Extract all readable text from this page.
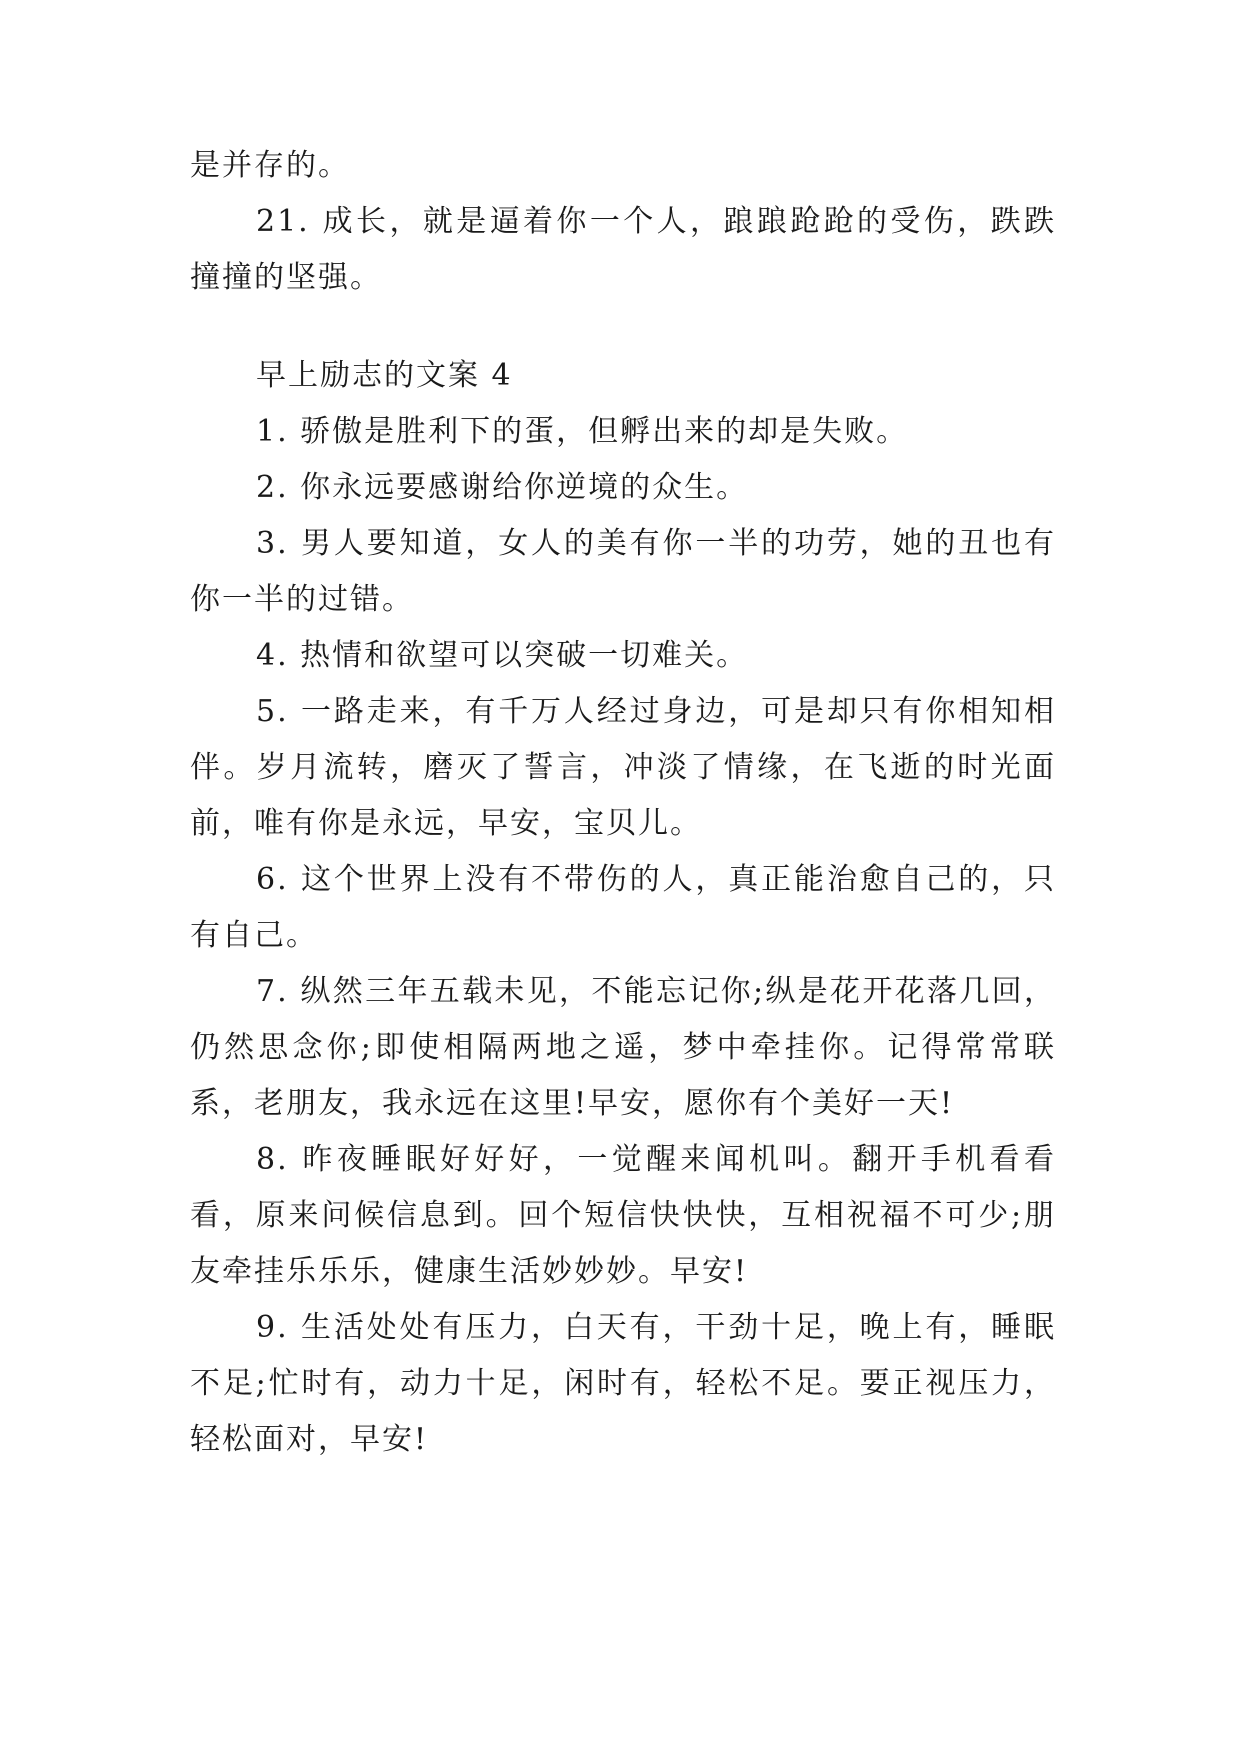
是并存的。

21. 成长，就是逼着你一个人，踉踉跄跄的受伤，跌跌撞撞的坚强。

早上励志的文案 4

1. 骄傲是胜利下的蛋，但孵出来的却是失败。

2. 你永远要感谢给你逆境的众生。

3. 男人要知道，女人的美有你一半的功劳，她的丑也有你一半的过错。

4. 热情和欲望可以突破一切难关。

5. 一路走来，有千万人经过身边，可是却只有你相知相伴。岁月流转，磨灭了誓言，冲淡了情缘，在飞逝的时光面前，唯有你是永远，早安，宝贝儿。

6. 这个世界上没有不带伤的人，真正能治愈自己的，只有自己。

7. 纵然三年五载未见，不能忘记你;纵是花开花落几回，仍然思念你;即使相隔两地之遥，梦中牵挂你。记得常常联系，老朋友，我永远在这里!早安，愿你有个美好一天!

8. 昨夜睡眠好好好，一觉醒来闻机叫。翻开手机看看看，原来问候信息到。回个短信快快快，互相祝福不可少;朋友牵挂乐乐乐，健康生活妙妙妙。早安!

9. 生活处处有压力，白天有，干劲十足，晚上有，睡眠不足;忙时有，动力十足，闲时有，轻松不足。要正视压力，轻松面对，早安!
